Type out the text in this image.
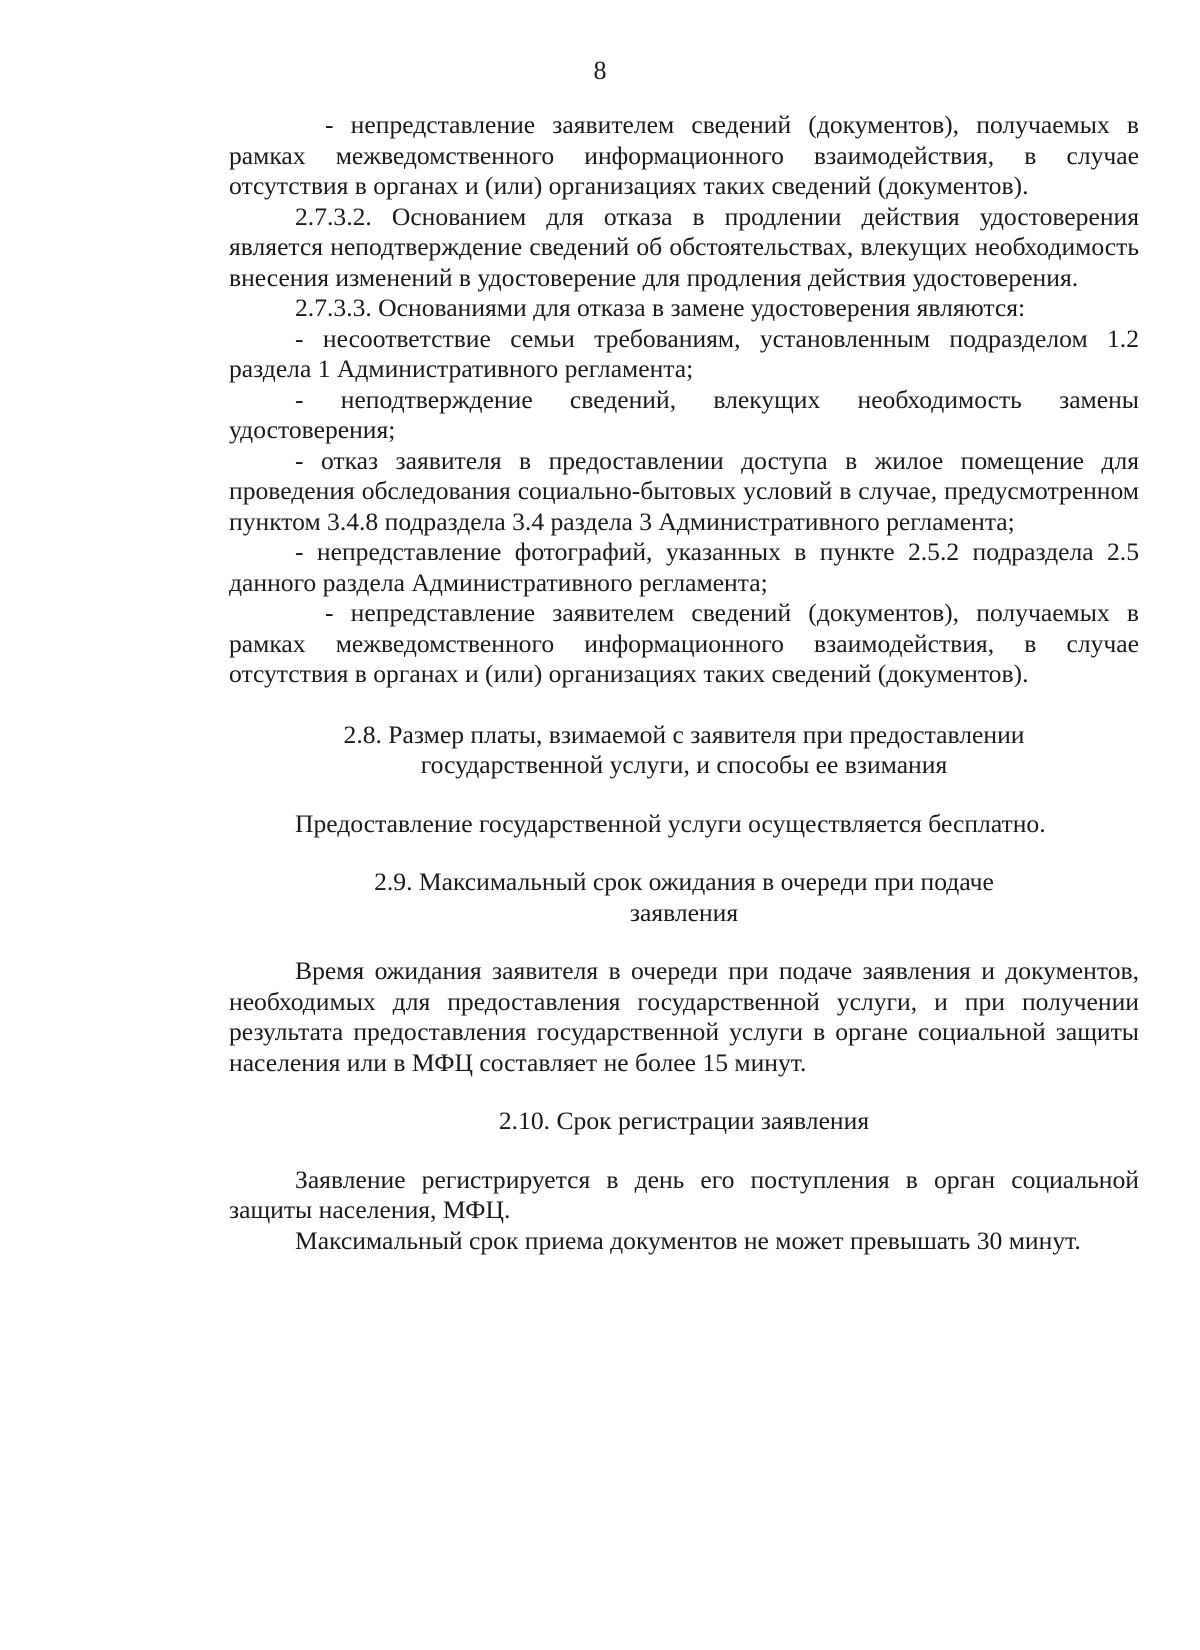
8

- непредставление заявителем сведений (документов), получаемых в рамках межведомственного информационного взаимодействия, в случае отсутствия в органах и (или) организациях таких сведений (документов).

2.7.3.2. Основанием для отказа в продлении действия удостоверения является неподтверждение сведений об обстоятельствах, влекущих необходимость внесения изменений в удостоверение для продления действия удостоверения.

2.7.3.3. Основаниями для отказа в замене удостоверения являются:

- несоответствие семьи требованиям, установленным подразделом 1.2 раздела 1 Административного регламента;

- неподтверждение сведений, влекущих необходимость замены удостоверения;

- отказ заявителя в предоставлении доступа в жилое помещение для проведения обследования социально-бытовых условий в случае, предусмотренном пунктом 3.4.8 подраздела 3.4 раздела 3 Административного регламента;

- непредставление фотографий, указанных в пункте 2.5.2 подраздела 2.5 данного раздела Административного регламента;

- непредставление заявителем сведений (документов), получаемых в рамках межведомственного информационного взаимодействия, в случае отсутствия в органах и (или) организациях таких сведений (документов).

2.8. Размер платы, взимаемой с заявителя при предоставлении
государственной услуги, и способы ее взимания

Предоставление государственной услуги осуществляется бесплатно.

2.9. Максимальный срок ожидания в очереди при подаче
заявления

Время ожидания заявителя в очереди при подаче заявления и документов, необходимых для предоставления государственной услуги, и при получении результата предоставления государственной услуги в органе социальной защиты населения или в МФЦ составляет не более 15 минут.

2.10. Срок регистрации заявления

Заявление регистрируется в день его поступления в орган социальной защиты населения, МФЦ.

Максимальный срок приема документов не может превышать 30 минут.
